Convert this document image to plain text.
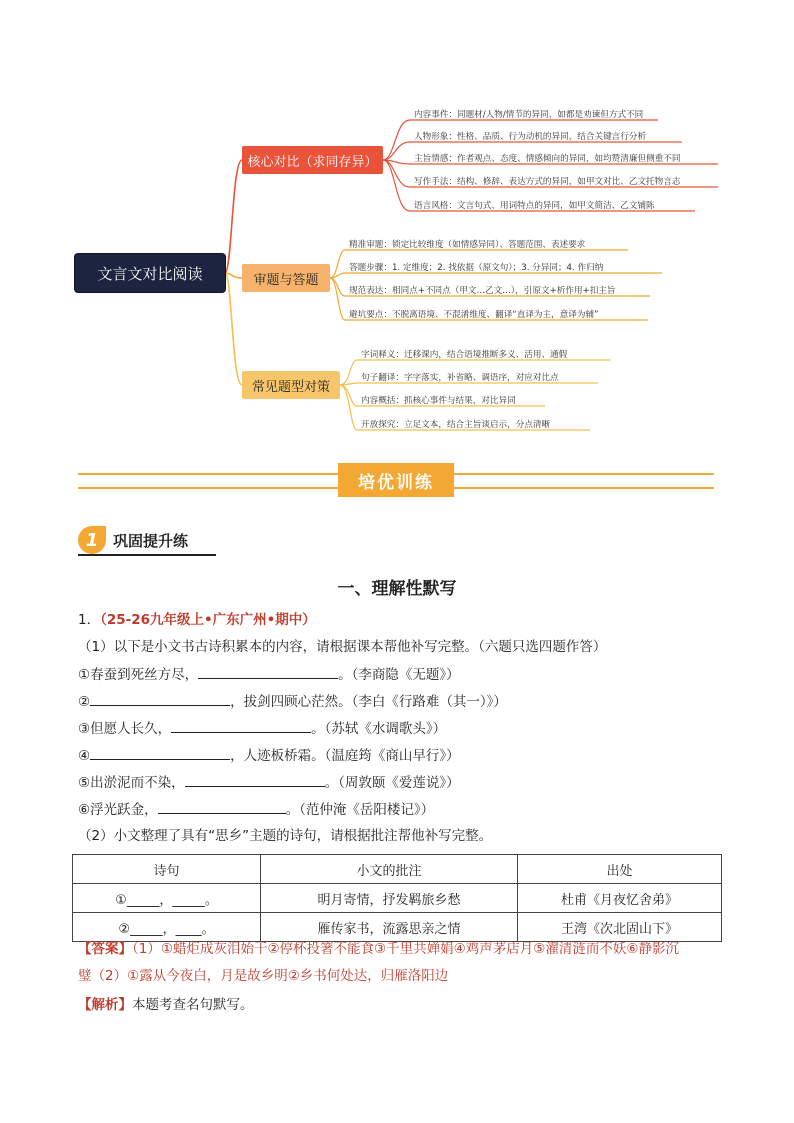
文言文对比阅读
核心对比（求同存异）
审题与答题
常见题型对策
内容事件：同题材/人物/情节的异同，如都是劝谏但方式不同
人物形象：性格、品质、行为动机的异同，结合关键言行分析
主旨情感：作者观点、态度、情感倾向的异同，如均赞清廉但侧重不同
写作手法：结构、修辞、表达方式的异同，如甲文对比、乙文托物言志
语言风格：文言句式、用词特点的异同，如甲文简洁、乙文铺陈
精准审题：锁定比较维度（如情感异同）、答题范围、表述要求
答题步骤：1. 定维度；2. 找依据（原文句）；3. 分异同；4. 作归纳
规范表达：相同点+不同点（甲文…乙文…），引原文+析作用+扣主旨
避坑要点：不脱离语境、不混淆维度、翻译“直译为主，意译为辅”
字词释义：迁移课内，结合语境推断多义、活用、通假
句子翻译：字字落实，补省略、调语序，对应对比点
内容概括：抓核心事件与结果，对比异同
开放探究：立足文本，结合主旨谈启示，分点清晰
培优训练
1 巩固提升练
一、理解性默写
1．（25-26九年级上•广东广州•期中）
（1）以下是小文书古诗积累本的内容，请根据课本帮他补写完整。（六题只选四题作答）
①春蚕到死丝方尽，	。（李商隐《无题》）
②	，拔剑四顾心茫然。（李白《行路难（其一）》）
③但愿人长久，	。（苏轼《水调歌头》）
④	，人迹板桥霜。（温庭筠《商山早行》）
⑤出淤泥而不染，	。（周敦颐《爱莲说》）
⑥浮光跃金，	。（范仲淹《岳阳楼记》）
（2）小文整理了具有“思乡”主题的诗句，请根据批注帮他补写完整。
诗句	小文的批注	出处
①_____，_____。	明月寄情，抒发羁旅乡愁	杜甫《月夜忆舍弟》
②_____，____。	雁传家书，流露思亲之情	王湾《次北固山下》
【答案】（1）①蜡炬成灰泪始干②停杯投箸不能食③千里共婵娟④鸡声茅店月⑤濯清涟而不妖⑥静影沉
璧（2）①露从今夜白，月是故乡明②乡书何处达，归雁洛阳边
【解析】本题考查名句默写。
